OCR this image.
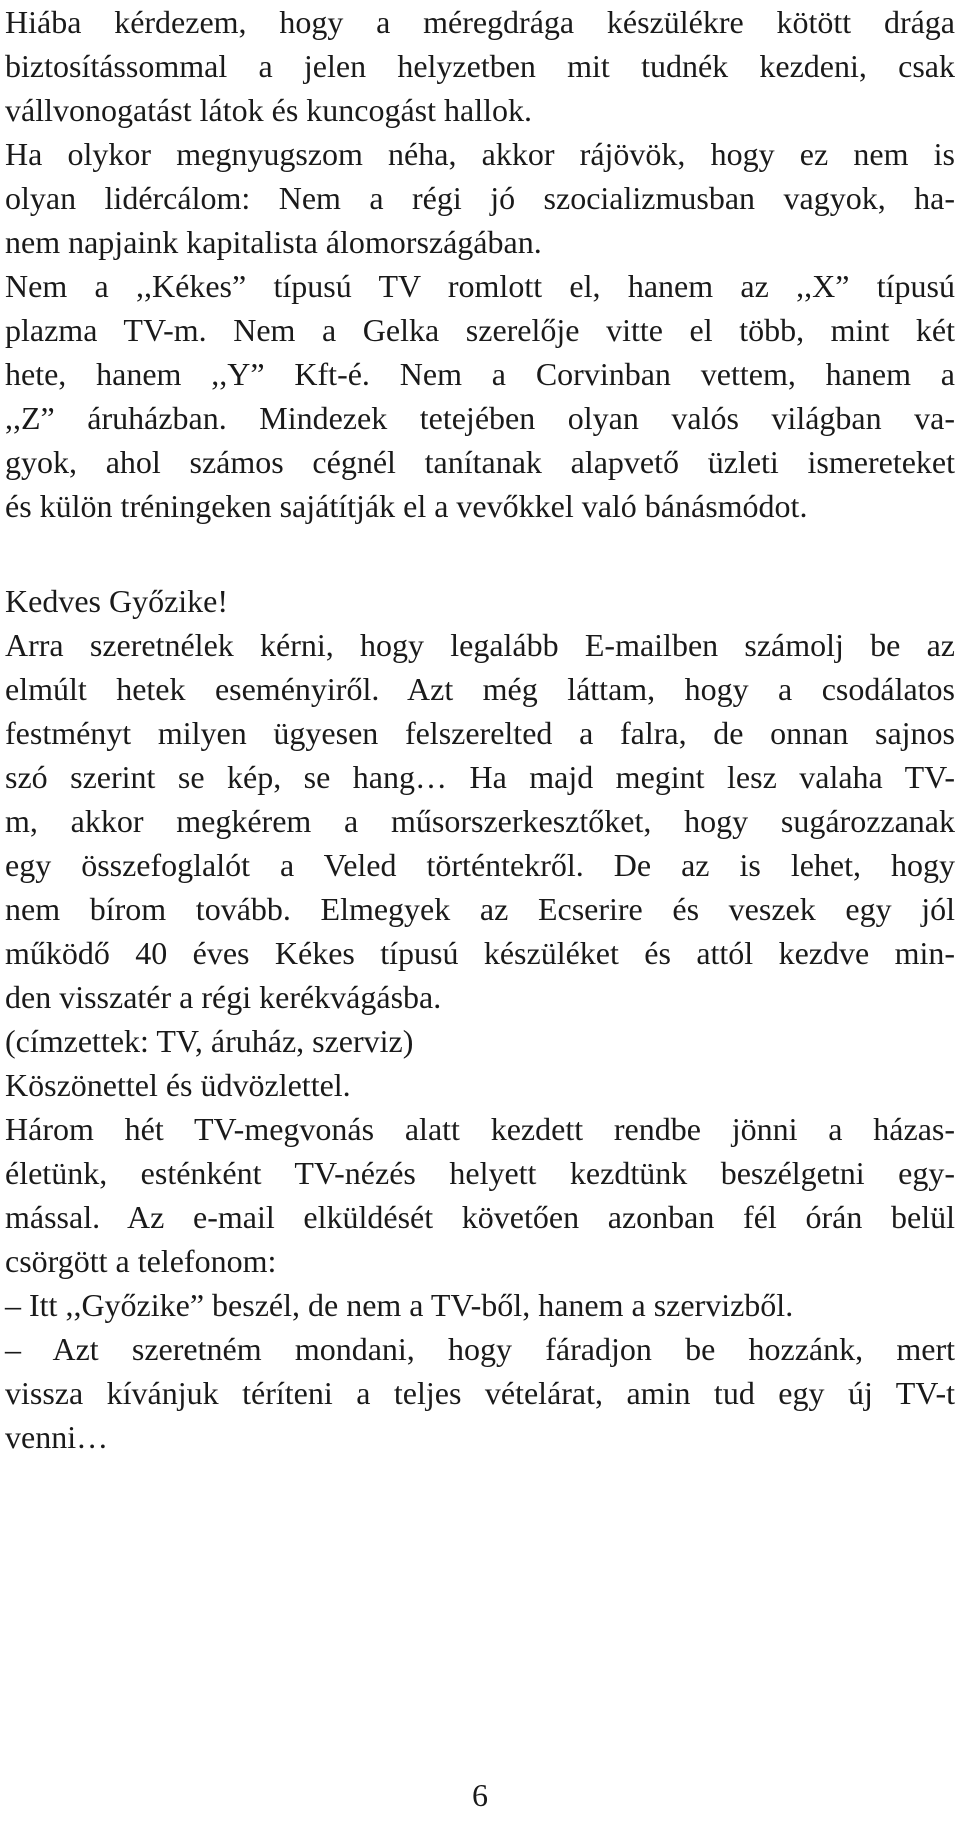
Hiába kérdezem, hogy a méregdrága készülékre kötött drága
biztosítássommal a jelen helyzetben mit tudnék kezdeni, csak
vállvonogatást látok és kuncogást hallok.
Ha olykor megnyugszom néha, akkor rájövök, hogy ez nem is
olyan lidércálom: Nem a régi jó szocializmusban vagyok, ha-
nem napjaink kapitalista álomországában.
Nem a ,,Kékes” típusú TV romlott el, hanem az ,,X” típusú
plazma TV-m. Nem a Gelka szerelője vitte el több, mint két
hete, hanem ,,Y” Kft-é. Nem a Corvinban vettem, hanem a
,,Z” áruházban. Mindezek tetejében olyan valós világban va-
gyok, ahol számos cégnél tanítanak alapvető üzleti ismereteket
és külön tréningeken sajátítják el a vevőkkel való bánásmódot.
Kedves Győzike!
Arra szeretnélek kérni, hogy legalább E-mailben számolj be az
elmúlt hetek eseményiről. Azt még láttam, hogy a csodálatos
festményt milyen ügyesen felszerelted a falra, de onnan sajnos
szó szerint se kép, se hang… Ha majd megint lesz valaha TV-
m, akkor megkérem a műsorszerkesztőket, hogy sugározzanak
egy összefoglalót a Veled történtekről. De az is lehet, hogy
nem bírom tovább. Elmegyek az Ecserire és veszek egy jól
működő 40 éves Kékes típusú készüléket és attól kezdve min-
den visszatér a régi kerékvágásba.
(címzettek: TV, áruház, szerviz)
Köszönettel és üdvözlettel.
Három hét TV-megvonás alatt kezdett rendbe jönni a házas-
életünk, esténként TV-nézés helyett kezdtünk beszélgetni egy-
mással. Az e-mail elküldését követően azonban fél órán belül
csörgött a telefonom:
– Itt ,,Győzike” beszél, de nem a TV-ből, hanem a szervizből.
– Azt szeretném mondani, hogy fáradjon be hozzánk, mert
vissza kívánjuk téríteni a teljes vételárat, amin tud egy új TV-t
venni…
6
